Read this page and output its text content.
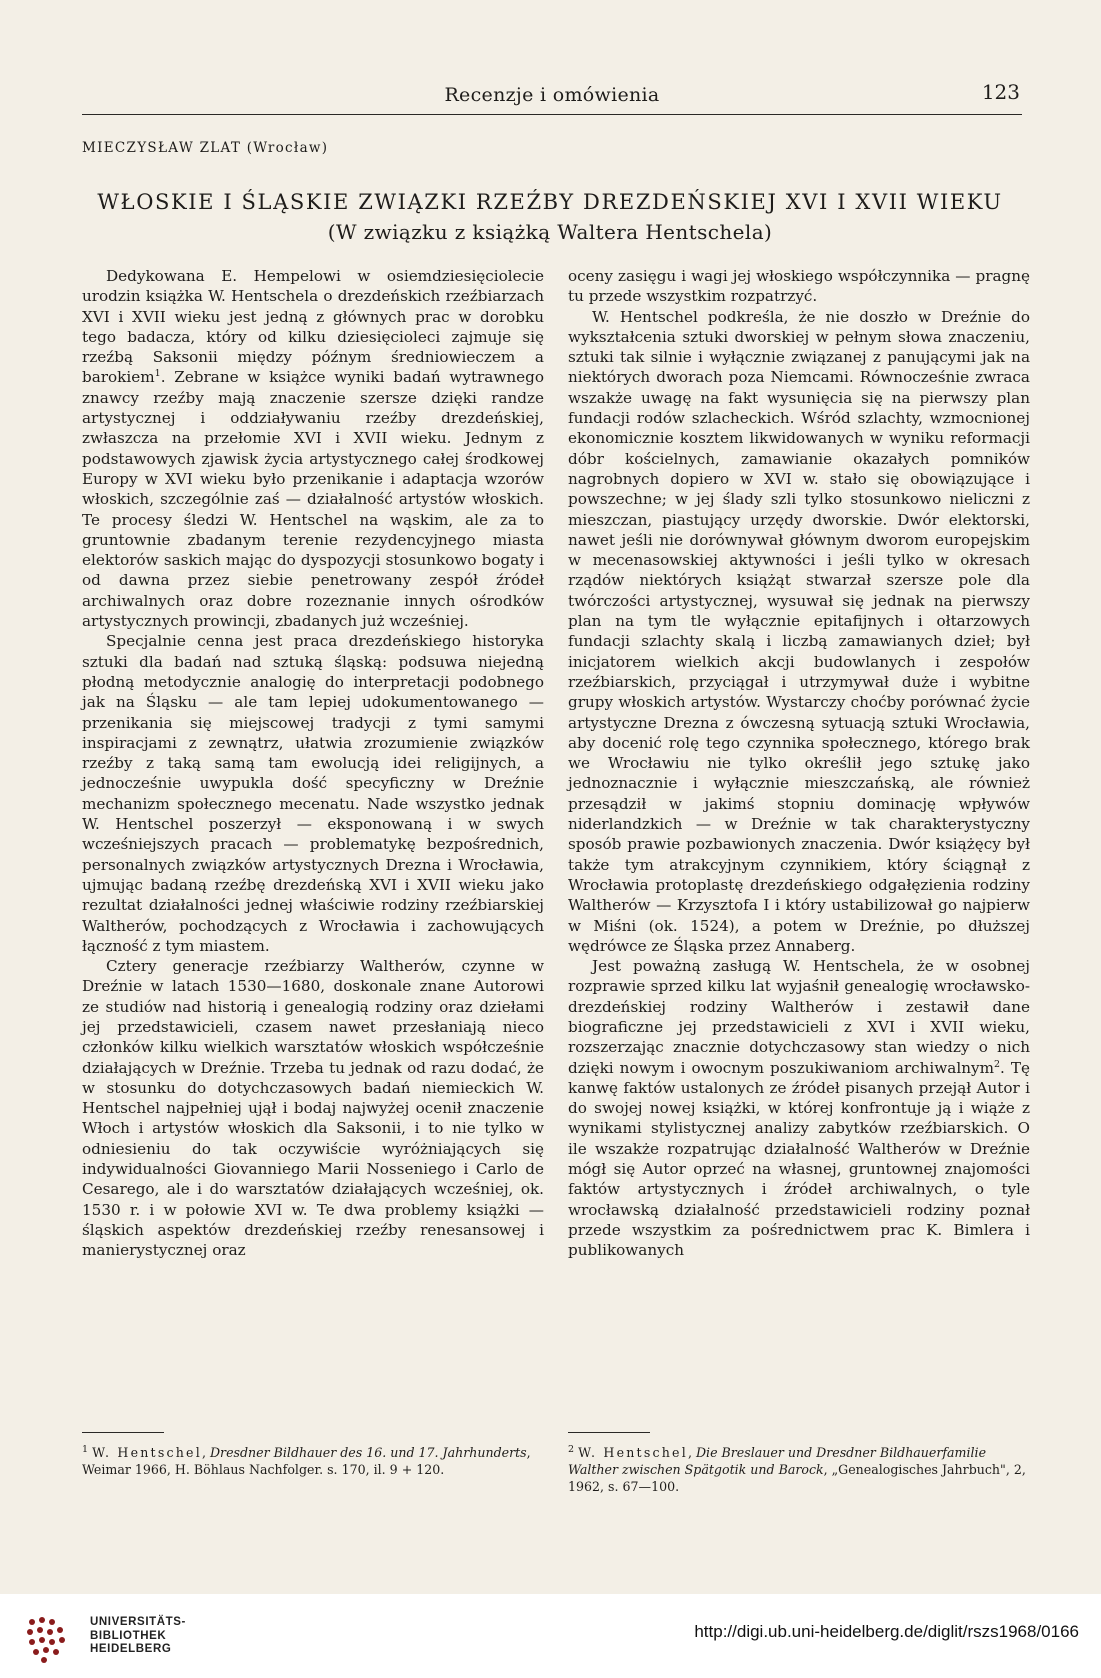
Recenzje i omówienia	123
MIECZYSŁAW ZLAT (Wrocław)
WŁOSKIE I ŚLĄSKIE ZWIĄZKI RZEŹBY DREZDEŃSKIEJ XVI I XVII WIEKU
(W związku z książką Waltera Hentschela)

Dedykowana E. Hempelowi w osiemdziesięciolecie urodzin książka W. Hentschela o drezdeńskich rzeźbiarzach XVI i XVII wieku jest jedną z głównych prac w dorobku tego badacza, który od kilku dziesięcioleci zajmuje się rzeźbą Saksonii między późnym średniowieczem a barokiem$^1$. Zebrane w książce wyniki badań wytrawnego znawcy rzeźby mają znaczenie szersze dzięki randze artystycznej i oddziaływaniu rzeźby drezdeńskiej, zwłaszcza na przełomie XVI i XVII wieku. Jednym z podstawowych zjawisk życia artystycznego całej środkowej Europy w XVI wieku było przenikanie i adaptacja wzorów włoskich, szczególnie zaś — działalność artystów włoskich. Te procesy śledzi W. Hentschel na wąskim, ale za to gruntownie zbadanym terenie rezydencyjnego miasta elektorów saskich mając do dyspozycji stosunkowo bogaty i od dawna przez siebie penetrowany zespół źródeł archiwalnych oraz dobre rozeznanie innych ośrodków artystycznych prowincji, zbadanych już wcześniej.

Specjalnie cenna jest praca drezdeńskiego historyka sztuki dla badań nad sztuką śląską: podsuwa niejedną płodną metodycznie analogię do interpretacji podobnego jak na Śląsku — ale tam lepiej udokumentowanego — przenikania się miejscowej tradycji z tymi samymi inspiracjami z zewnątrz, ułatwia zrozumienie związków rzeźby z taką samą tam ewolucją idei religijnych, a jednocześnie uwypukla dość specyficzny w Dreźnie mechanizm społecznego mecenatu. Nade wszystko jednak W. Hentschel poszerzył — eksponowaną i w swych wcześniejszych pracach — problematykę bezpośrednich, personalnych związków artystycznych Drezna i Wrocławia, ujmując badaną rzeźbę drezdeńską XVI i XVII wieku jako rezultat działalności jednej właściwie rodziny rzeźbiarskiej Waltherów, pochodzących z Wrocławia i zachowujących łączność z tym miastem.

Cztery generacje rzeźbiarzy Waltherów, czynne w Dreźnie w latach 1530—1680, doskonale znane Autorowi ze studiów nad historią i genealogią rodziny oraz dziełami jej przedstawicieli, czasem nawet przesłaniają nieco członków kilku wielkich warsztatów włoskich współcześnie działających w Dreźnie. Trzeba tu jednak od razu dodać, że w stosunku do dotychczasowych badań niemieckich W. Hentschel najpełniej ujął i bodaj najwyżej ocenił znaczenie Włoch i artystów włoskich dla Saksonii, i to nie tylko w odniesieniu do tak oczywiście wyróżniających się indywidualności Giovanniego Marii Nosseniego i Carlo de Cesarego, ale i do warsztatów działających wcześniej, ok. 1530 r. i w połowie XVI w. Te dwa problemy książki — śląskich aspektów drezdeńskiej rzeźby renesansowej i manierystycznej oraz

oceny zasięgu i wagi jej włoskiego współczynnika — pragnę tu przede wszystkim rozpatrzyć.

W. Hentschel podkreśla, że nie doszło w Dreźnie do wykształcenia sztuki dworskiej w pełnym słowa znaczeniu, sztuki tak silnie i wyłącznie związanej z panującymi jak na niektórych dworach poza Niemcami. Równocześnie zwraca wszakże uwagę na fakt wysunięcia się na pierwszy plan fundacji rodów szlacheckich. Wśród szlachty, wzmocnionej ekonomicznie kosztem likwidowanych w wyniku reformacji dóbr kościelnych, zamawianie okazałych pomników nagrobnych dopiero w XVI w. stało się obowiązujące i powszechne; w jej ślady szli tylko stosunkowo nieliczni z mieszczan, piastujący urzędy dworskie. Dwór elektorski, nawet jeśli nie dorównywał głównym dworom europejskim w mecenasowskiej aktywności i jeśli tylko w okresach rządów niektórych książąt stwarzał szersze pole dla twórczości artystycznej, wysuwał się jednak na pierwszy plan na tym tle wyłącznie epitafijnych i ołtarzowych fundacji szlachty skalą i liczbą zamawianych dzieł; był inicjatorem wielkich akcji budowlanych i zespołów rzeźbiarskich, przyciągał i utrzymywał duże i wybitne grupy włoskich artystów. Wystarczy choćby porównać życie artystyczne Drezna z ówczesną sytuacją sztuki Wrocławia, aby docenić rolę tego czynnika społecznego, którego brak we Wrocławiu nie tylko określił jego sztukę jako jednoznacznie i wyłącznie mieszczańską, ale również przesądził w jakimś stopniu dominację wpływów niderlandzkich — w Dreźnie w tak charakterystyczny sposób prawie pozbawionych znaczenia. Dwór książęcy był także tym atrakcyjnym czynnikiem, który ściągnął z Wrocławia protoplastę drezdeńskiego odgałęzienia rodziny Waltherów — Krzysztofa I i który ustabilizował go najpierw w Miśni (ok. 1524), a potem w Dreźnie, po dłuższej wędrówce ze Śląska przez Annaberg.

Jest poważną zasługą W. Hentschela, że w osobnej rozprawie sprzed kilku lat wyjaśnił genealogię wrocławsko-drezdeńskiej rodziny Waltherów i zestawił dane biograficzne jej przedstawicieli z XVI i XVII wieku, rozszerzając znacznie dotychczasowy stan wiedzy o nich dzięki nowym i owocnym poszukiwaniom archiwalnym$^2$. Tę kanwę faktów ustalonych ze źródeł pisanych przejął Autor i do swojej nowej książki, w której konfrontuje ją i wiąże z wynikami stylistycznej analizy zabytków rzeźbiarskich. O ile wszakże rozpatrując działalność Waltherów w Dreźnie mógł się Autor oprzeć na własnej, gruntownej znajomości faktów artystycznych i źródeł archiwalnych, o tyle wrocławską działalność przedstawicieli rodziny poznał przede wszystkim za pośrednictwem prac K. Bimlera i publikowanych

$^1$ W. Hentschel, Dresdner Bildhauer des 16. und 17. Jahrhunderts, Weimar 1966, H. Böhlaus Nachfolger. s. 170, il. 9 + 120.
$^2$ W. Hentschel, Die Breslauer und Dresdner Bildhauerfamilie Walther zwischen Spätgotik und Barock, „Genealogisches Jahrbuch", 2, 1962, s. 67—100.
UNIVERSITÄTS-
BIBLIOTHEK
HEIDELBERG
http://digi.ub.uni-heidelberg.de/diglit/rszs1968/0166
